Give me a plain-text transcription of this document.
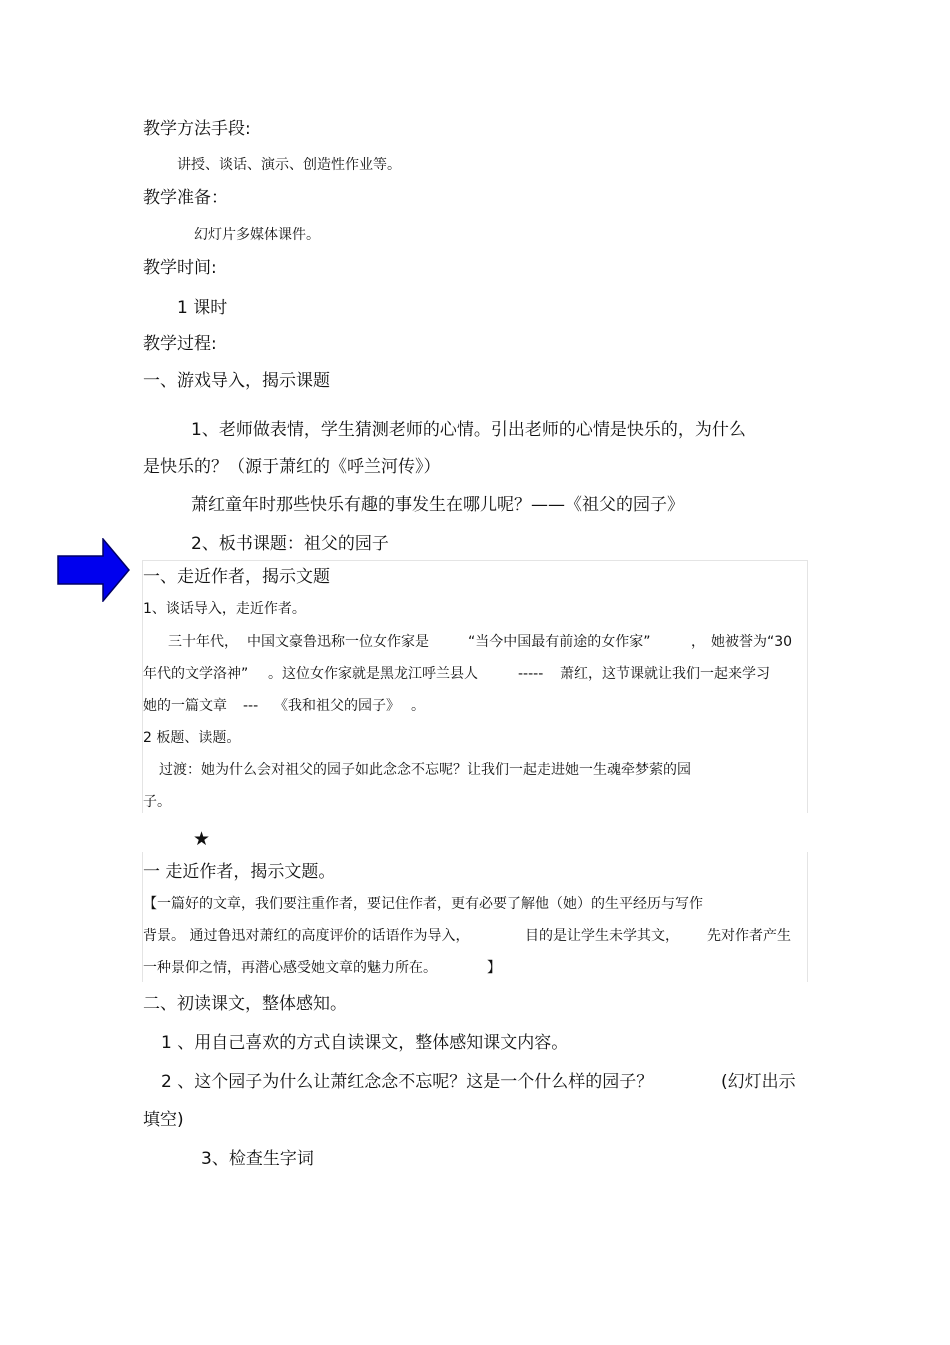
教学方法手段:
讲授、谈话、演示、创造性作业等。
教学准备：
幻灯片多媒体课件。
教学时间:
1 课时
教学过程:
一、游戏导入，揭示课题
1、老师做表情，学生猜测老师的心情。引出老师的心情是快乐的，为什么
是快乐的？（源于萧红的《呼兰河传》）
萧红童年时那些快乐有趣的事发生在哪儿呢？——《祖父的园子》
2、板书课题：祖父的园子
一、走近作者，揭示文题
1、谈话导入，走近作者。
三十年代， 中国文豪鲁迅称一位女作家是	“当今中国最有前途的女作家”	， 她被誉为“30
年代的文学洛神” 。这位女作家就是黑龙江呼兰县人	----- 萧红，这节课就让我们一起来学习
她的一篇文章 --- 《我和祖父的园子》 。
2 板题、读题。
过渡：她为什么会对祖父的园子如此念念不忘呢？让我们一起走进她一生魂牵梦萦的园
子。
★
一 走近作者，揭示文题。
【一篇好的文章，我们要注重作者，要记住作者，更有必要了解他（她）的生平经历与写作
背景。 通过鲁迅对萧红的高度评价的话语作为导入，	目的是让学生未学其文， 先对作者产生
一种景仰之情，再潜心感受她文章的魅力所在。	】
二、初读课文，整体感知。
1 、用自己喜欢的方式自读课文，整体感知课文内容。
2 、这个园子为什么让萧红念念不忘呢？这是一个什么样的园子？	(幻灯出示
填空)
3、检查生字词
